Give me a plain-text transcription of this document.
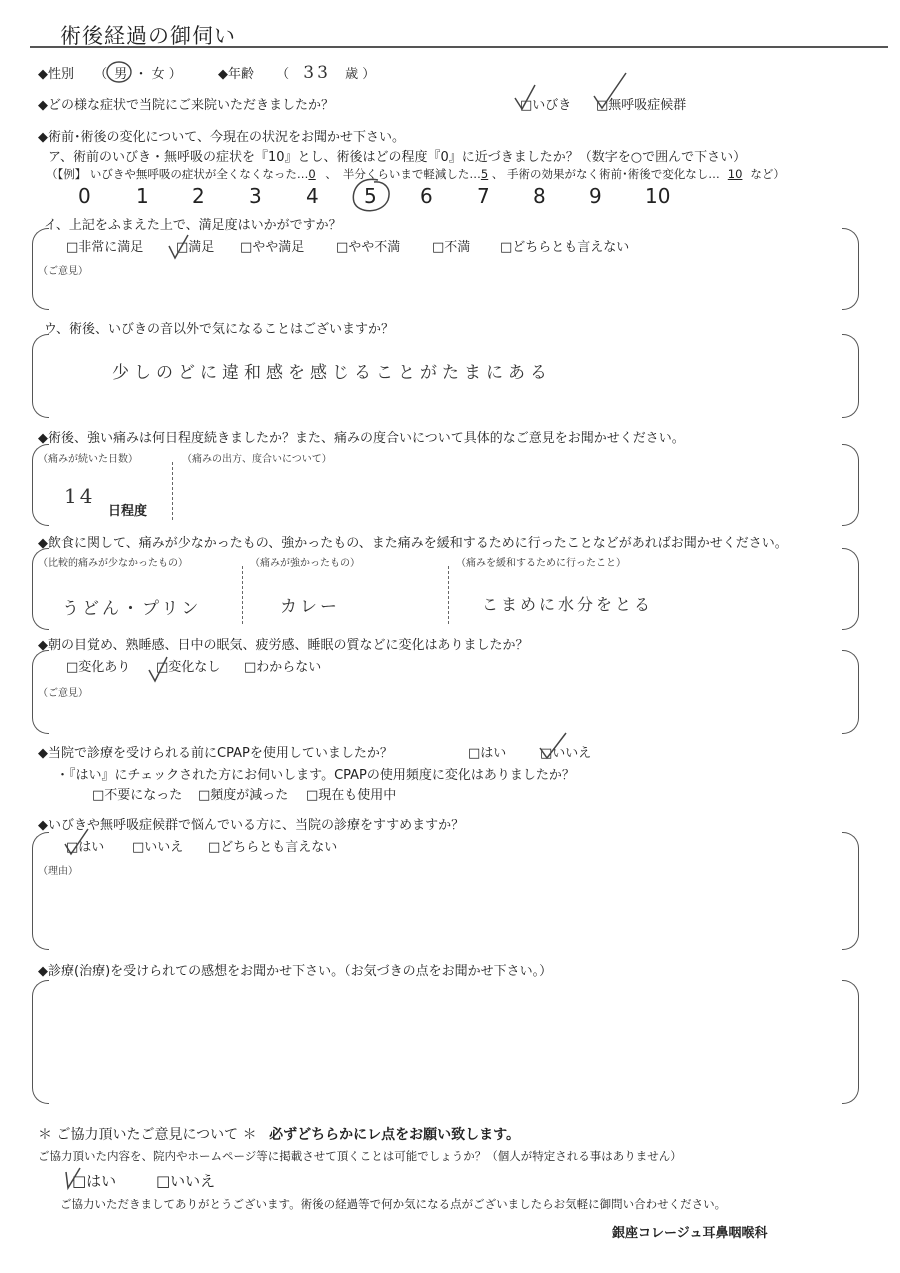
術後経過の御伺い
◆性別 （ 男 ・ 女 ）	◆年齢 （ 33 歳 ）
◆どの様な症状で当院にご来院いただきましたか？	□いびき □無呼吸症候群
◆術前･術後の変化について、今現在の状況をお聞かせ下さい。
ア、術前のいびき・無呼吸の症状を『10』とし、術後はどの程度『0』に近づきましたか？（数字を○で囲んで下さい）
（【例】 いびきや無呼吸の症状が全くなくなった…0 、 半分くらいまで軽減した…5 、 手術の効果がなく術前･術後で変化なし… 10 など）
0 1 2 3 4 5 6 7 8 9 10
イ、上記をふまえた上で、満足度はいかがですか？
□非常に満足	□満足 □やや満足 □やや不満 □不満 □どちらとも言えない
（ご意見）
ウ、術後、いびきの音以外で気になることはございますか？
少しのどに違和感を感じることがたまにある
◆術後、強い痛みは何日程度続きましたか？また、痛みの度合いについて具体的なご意見をお聞かせください。
（痛みが続いた日数）	（痛みの出方、度合いについて）
14
日程度
◆飲食に関して、痛みが少なかったもの、強かったもの、また痛みを緩和するために行ったことなどがあればお聞かせください。
（比較的痛みが少なかったもの）	（痛みが強かったもの）	（痛みを緩和するために行ったこと）
うどん・プリン	カレー	こまめに水分をとる
◆朝の目覚め、熟睡感、日中の眠気、疲労感、睡眠の質などに変化はありましたか？
□変化あり □変化なし □わからない
（ご意見）
◆当院で診療を受けられる前にCPAPを使用していましたか？	□はい	□いいえ
・『はい』にチェックされた方にお伺いします。CPAPの使用頻度に変化はありましたか？
□不要になった □頻度が減った □現在も使用中
◆いびきや無呼吸症候群で悩んでいる方に、当院の診療をすすめますか？
□はい □いいえ □どちらとも言えない
（理由）
◆診療(治療)を受けられての感想をお聞かせ下さい。（お気づきの点をお聞かせ下さい。）
＊ ご協力頂いたご意見について ＊ 必ずどちらかにレ点をお願い致します。
ご協力頂いた内容を、院内やホームページ等に掲載させて頂くことは可能でしょうか？（個人が特定される事はありません）
□はい	□いいえ
ご協力いただきましてありがとうございます。術後の経過等で何か気になる点がございましたらお気軽に御問い合わせください。
銀座コレージュ耳鼻咽喉科
